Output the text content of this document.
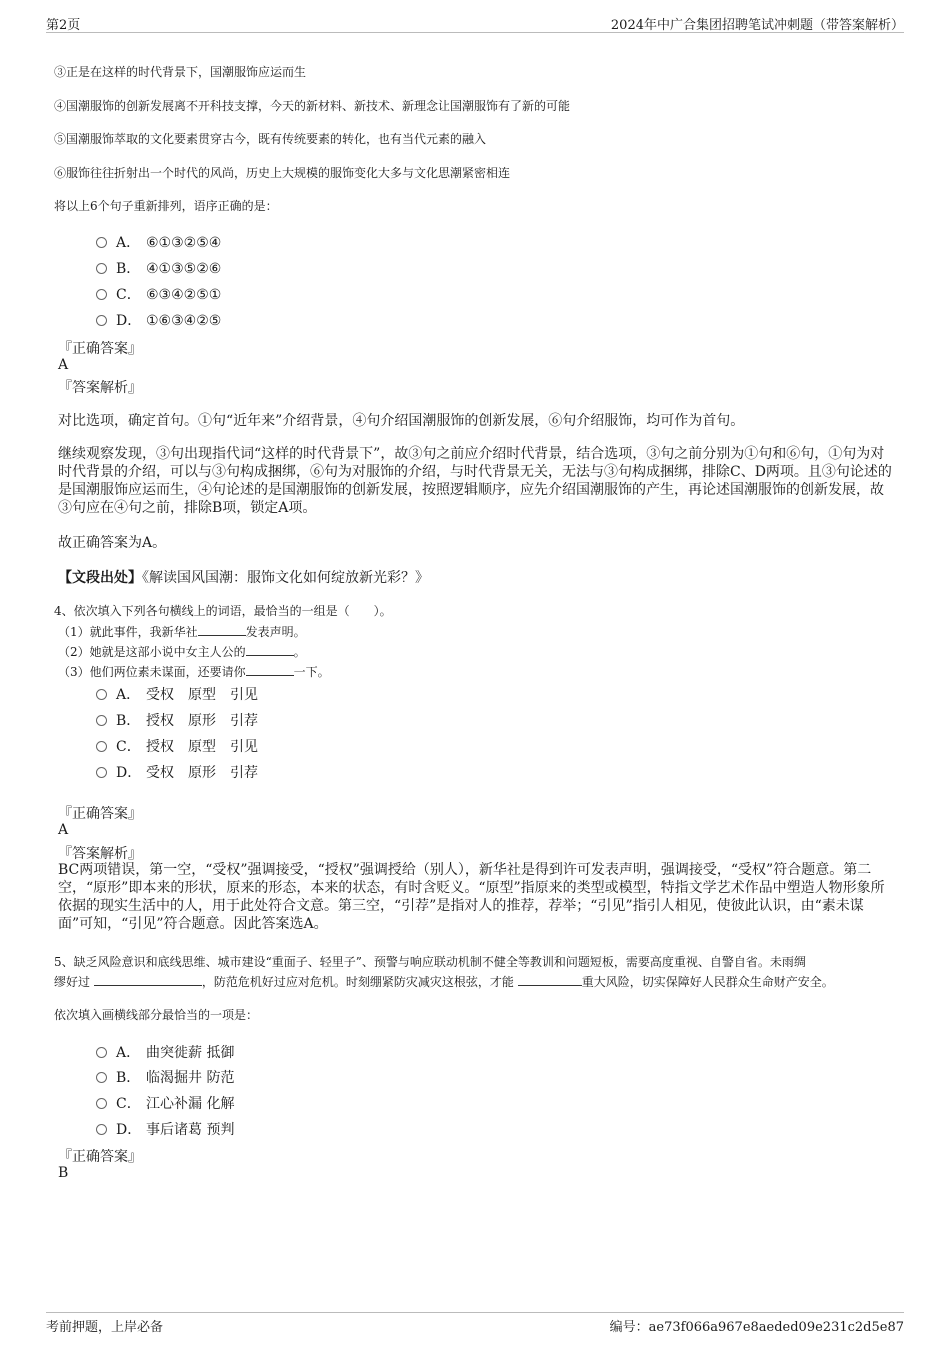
第2页	2024年中广合集团招聘笔试冲刺题（带答案解析）
③正是在这样的时代背景下，国潮服饰应运而生
④国潮服饰的创新发展离不开科技支撑，今天的新材料、新技术、新理念让国潮服饰有了新的可能
⑤国潮服饰萃取的文化要素贯穿古今，既有传统要素的转化，也有当代元素的融入
⑥服饰往往折射出一个时代的风尚，历史上大规模的服饰变化大多与文化思潮紧密相连
将以上6个句子重新排列，语序正确的是：
A． ⑥①③②⑤④
B． ④①③⑤②⑥
C． ⑥③④②⑤①
D． ①⑥③④②⑤
『正确答案』
A
『答案解析』
对比选项，确定首句。①句“近年来”介绍背景，④句介绍国潮服饰的创新发展，⑥句介绍服饰，均可作为首句。
继续观察发现，③句出现指代词“这样的时代背景下”，故③句之前应介绍时代背景，结合选项，③句之前分别为①句和⑥句，①句为对时代背景的介绍，可以与③句构成捆绑，⑥句为对服饰的介绍，与时代背景无关，无法与③句构成捆绑，排除C、D两项。且③句论述的是国潮服饰应运而生，④句论述的是国潮服饰的创新发展，按照逻辑顺序，应先介绍国潮服饰的产生，再论述国潮服饰的创新发展，故③句应在④句之前，排除B项，锁定A项。
故正确答案为A。
【文段出处】《解读国风国潮：服饰文化如何绽放新光彩？》
4、依次填入下列各句横线上的词语，最恰当的一组是（　　）。
（1）就此事件，我新华社	发表声明。
（2）她就是这部小说中女主人公的	。
（3）他们两位素未谋面，还要请你	一下。
A． 受权　原型　引见
B． 授权　原形　引荐
C． 授权　原型　引见
D． 受权　原形　引荐
『正确答案』
A
『答案解析』
BC两项错误，第一空，“受权”强调接受，“授权”强调授给（别人），新华社是得到许可发表声明，强调接受，“受权”符合题意。第二空，“原形”即本来的形状，原来的形态，本来的状态，有时含贬义。“原型”指原来的类型或模型，特指文学艺术作品中塑造人物形象所依据的现实生活中的人，用于此处符合文意。第三空，“引荐”是指对人的推荐，荐举；“引见”指引人相见，使彼此认识，由“素未谋面”可知，“引见”符合题意。因此答案选A。
5、缺乏风险意识和底线思维、城市建设“重面子、轻里子”、预警与响应联动机制不健全等教训和问题短板，需要高度重视、自警自省。未雨绸
缪好过	，防范危机好过应对危机。时刻绷紧防灾减灾这根弦，才能	重大风险，切实保障好人民群众生命财产安全。
依次填入画横线部分最恰当的一项是：
A． 曲突徙薪 抵御
B． 临渴掘井 防范
C． 江心补漏 化解
D． 事后诸葛 预判
『正确答案』
B
考前押题，上岸必备	编号：ae73f066a967e8aeded09e231c2d5e87
